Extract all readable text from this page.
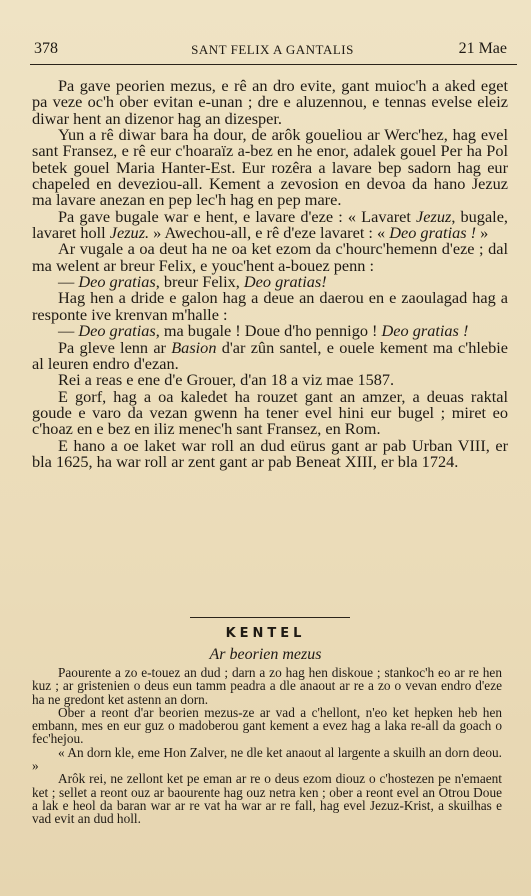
378	SANT FELIX A GANTALIS	21 Mae

Pa gave peorien mezus, e rê an dro evite, gant muioc'h a aked eget pa veze oc'h ober evitan e-unan ; dre e aluzennou, e tennas evelse eleiz diwar hent an dizenor hag an dizesper.

Yun a rê diwar bara ha dour, de arôk goueliou ar Werc'hez, hag evel sant Fransez, e rê eur c'hoaraïz a-bez en he enor, adalek gouel Per ha Pol betek gouel Maria Hanter-Est. Eur rozêra a lavare bep sadorn hag eur chapeled en deveziou-all. Kement a zevosion en devoa da hano Jezuz ma lavare anezan en pep lec'h hag en pep mare.

Pa gave bugale war e hent, e lavare d'eze : « Lavaret Jezuz, bugale, lavaret holl Jezuz. » Awechou-all, e rê d'eze lavaret : « Deo gratias ! »

Ar vugale a oa deut ha ne oa ket ezom da c'hourc'hemenn d'eze ; dal ma welent ar breur Felix, e youc'hent a-bouez penn :

— Deo gratias, breur Felix, Deo gratias!

Hag hen a dride e galon hag a deue an daerou en e zaoulagad hag a responte ive krenvan m'halle :

— Deo gratias, ma bugale ! Doue d'ho pennigo ! Deo gratias !

Pa gleve lenn ar Basion d'ar zûn santel, e ouele kement ma c'hlebie al leuren endro d'ezan.

Rei a reas e ene d'e Grouer, d'an 18 a viz mae 1587.

E gorf, hag a oa kaledet ha rouzet gant an amzer, a deuas raktal goude e varo da vezan gwenn ha tener evel hini eur bugel ; miret eo c'hoaz en e bez en iliz menec'h sant Fransez, en Rom.

E hano a oe laket war roll an dud eürus gant ar pab Urban VIII, er bla 1625, ha war roll ar zent gant ar pab Beneat XIII, er bla 1724.

KENTEL
Ar beorien mezus

Paourente a zo e-touez an dud ; darn a zo hag hen diskoue ; stankoc'h eo ar re hen kuz ; ar gristenien o deus eun tamm peadra a dle anaout ar re a zo o vevan endro d'eze ha ne gredont ket astenn an dorn.

Ober a reont d'ar beorien mezus-ze ar vad a c'hellont, n'eo ket hepken heb hen embann, mes en eur guz o madoberou gant kement a evez hag a laka re-all da goach o fec'hejou.

« An dorn kle, eme Hon Zalver, ne dle ket anaout al largente a skuilh an dorn deou. »

Arôk rei, ne zellont ket pe eman ar re o deus ezom diouz o c'hostezen pe n'emaent ket ; sellet a reont ouz ar baourente hag ouz netra ken ; ober a reont evel an Otrou Doue a lak e heol da baran war ar re vat ha war ar re fall, hag evel Jezuz-Krist, a skuilhas e vad evit an dud holl.
